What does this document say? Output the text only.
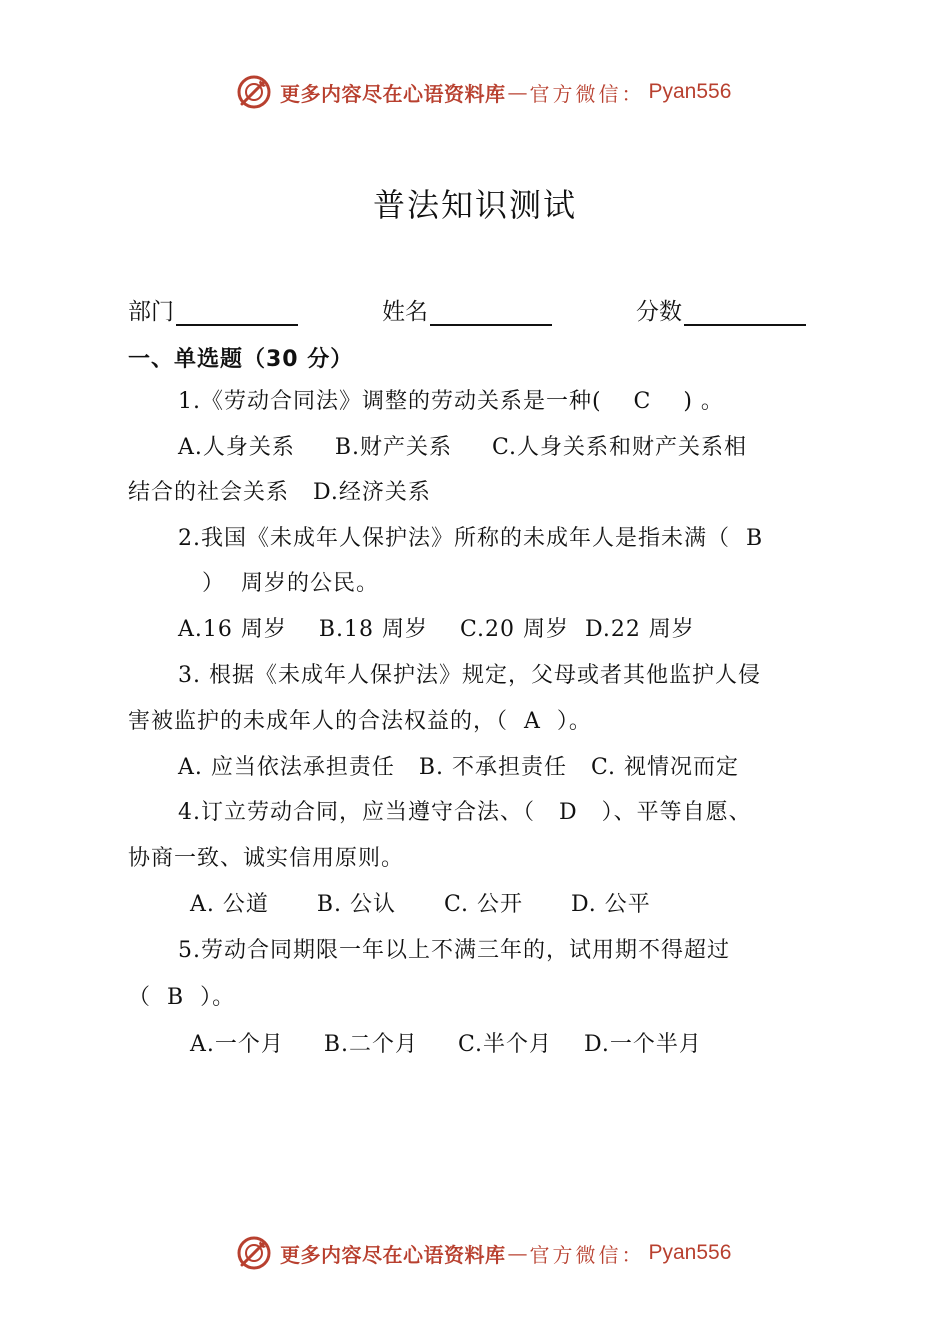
更多内容尽在心语资料库 — 官方微信： Pyan556
普法知识测试
部门	姓名	分数
一、单选题（30 分）
1.《劳动合同法》调整的劳动关系是一种(    C    ) 。
A.人身关系     B.财产关系     C.人身关系和财产关系相
结合的社会关系   D.经济关系
2.我国《未成年人保护法》所称的未成年人是指未满（  B
）  周岁的公民。
A.16 周岁    B.18 周岁    C.20 周岁  D.22 周岁
3. 根据《未成年人保护法》规定，父母或者其他监护人侵
害被监护的未成年人的合法权益的，（  A  ）。
A. 应当依法承担责任   B. 不承担责任   C. 视情况而定
4.订立劳动合同，应当遵守合法、（   D   ）、平等自愿、
协商一致、诚实信用原则。
A. 公道      B. 公认      C. 公开      D. 公平
5.劳动合同期限一年以上不满三年的，试用期不得超过
（  B  ）。
A.一个月     B.二个月     C.半个月    D.一个半月
更多内容尽在心语资料库 — 官方微信： Pyan556
